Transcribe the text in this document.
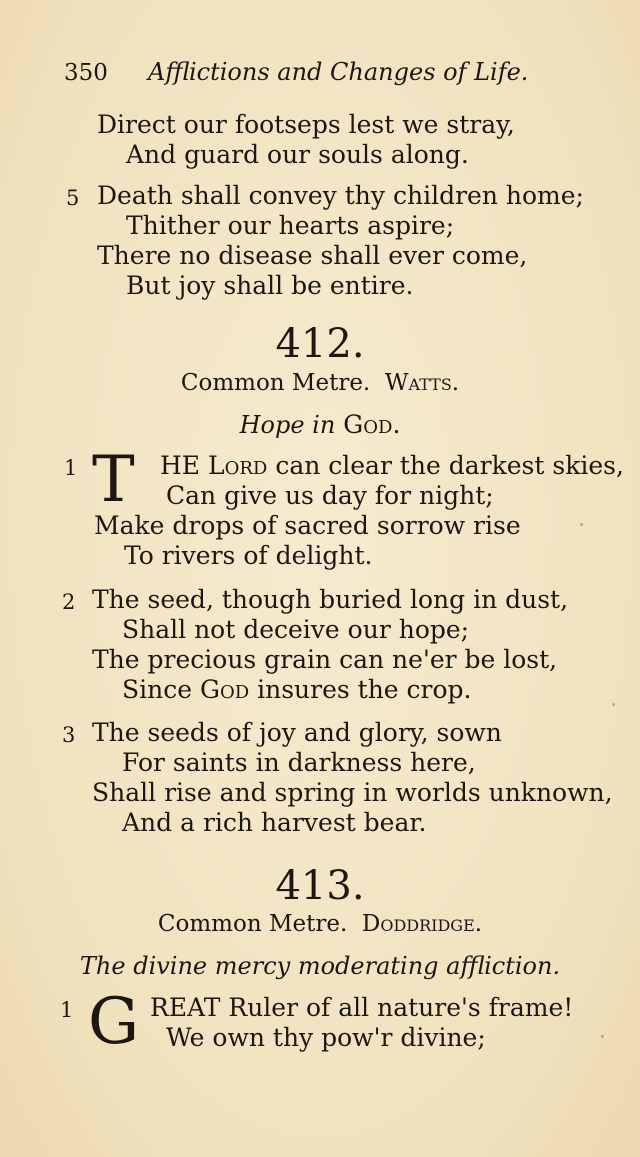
350 Afflictions and Changes of Life.
Direct our footseps lest we stray,
And guard our souls along.
5 Death shall convey thy children home;
Thither our hearts aspire;
There no disease shall ever come,
But joy shall be entire.
412.
Common Metre. Watts.
Hope in God.
1 T HE Lord can clear the darkest skies,
Can give us day for night;
Make drops of sacred sorrow rise
To rivers of delight.
2 The seed, though buried long in dust,
Shall not deceive our hope;
The precious grain can ne'er be lost,
Since God insures the crop.
3 The seeds of joy and glory, sown
For saints in darkness here,
Shall rise and spring in worlds unknown,
And a rich harvest bear.
413.
Common Metre. Doddridge.
The divine mercy moderating affliction.
1 G REAT Ruler of all nature's frame!
We own thy pow'r divine;
